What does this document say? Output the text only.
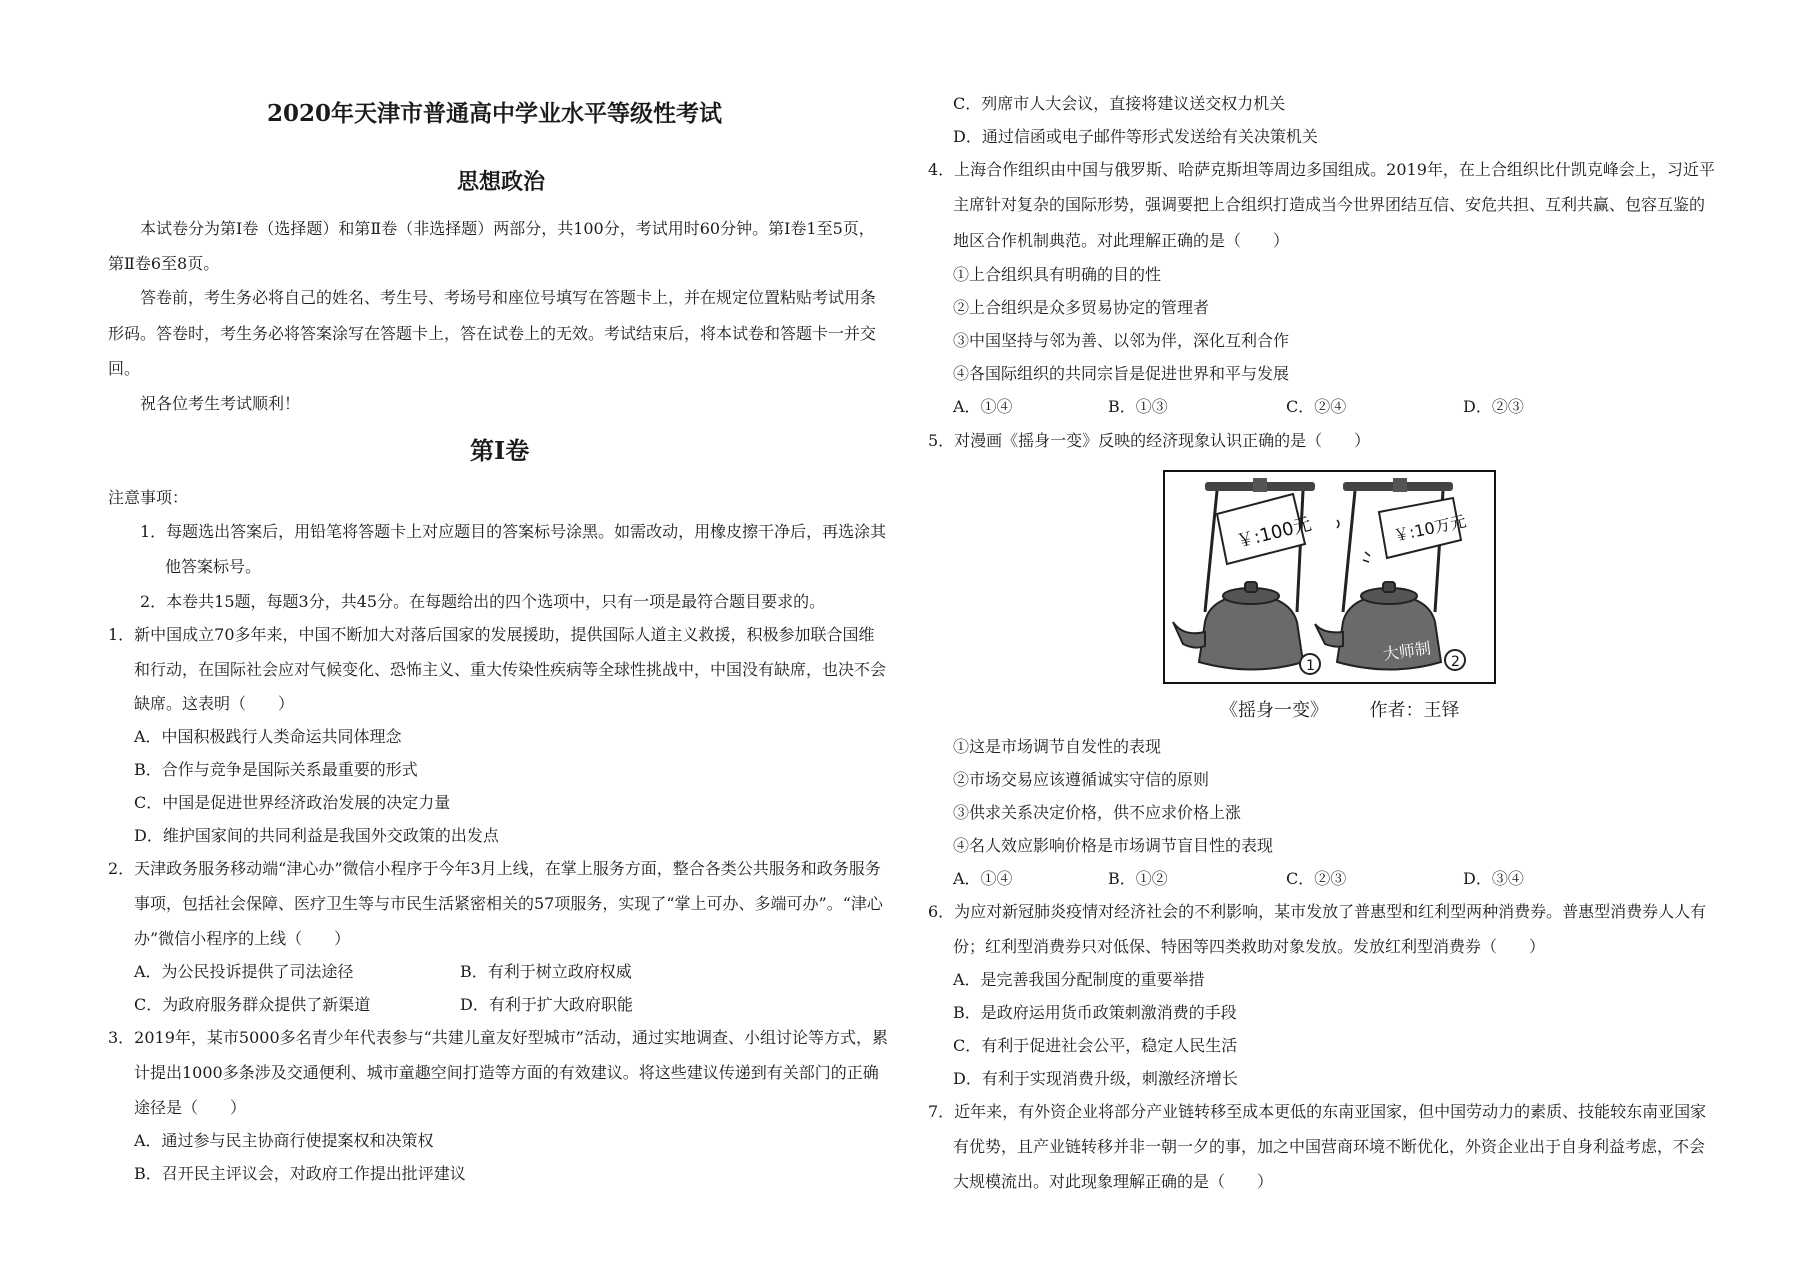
2020年天津市普通高中学业水平等级性考试
思想政治
本试卷分为第Ⅰ卷（选择题）和第Ⅱ卷（非选择题）两部分，共100分，考试用时60分钟。第Ⅰ卷1至5页，
第Ⅱ卷6至8页。
答卷前，考生务必将自己的姓名、考生号、考场号和座位号填写在答题卡上，并在规定位置粘贴考试用条
形码。答卷时，考生务必将答案涂写在答题卡上，答在试卷上的无效。考试结束后，将本试卷和答题卡一并交
回。
祝各位考生考试顺利！
第Ⅰ卷
注意事项：
1．每题选出答案后，用铅笔将答题卡上对应题目的答案标号涂黑。如需改动，用橡皮擦干净后，再选涂其
他答案标号。
2．本卷共15题，每题3分，共45分。在每题给出的四个选项中，只有一项是最符合题目要求的。
1．新中国成立70多年来，中国不断加大对落后国家的发展援助，提供国际人道主义救援，积极参加联合国维
和行动，在国际社会应对气候变化、恐怖主义、重大传染性疾病等全球性挑战中，中国没有缺席，也决不会
缺席。这表明（　　）
A．中国积极践行人类命运共同体理念
B．合作与竞争是国际关系最重要的形式
C．中国是促进世界经济政治发展的决定力量
D．维护国家间的共同利益是我国外交政策的出发点
2．天津政务服务移动端“津心办”微信小程序于今年3月上线，在掌上服务方面，整合各类公共服务和政务服务
事项，包括社会保障、医疗卫生等与市民生活紧密相关的57项服务，实现了“掌上可办、多端可办”。“津心
办”微信小程序的上线（　　）
A．为公民投诉提供了司法途径	B．有利于树立政府权威
C．为政府服务群众提供了新渠道	D．有利于扩大政府职能
3．2019年，某市5000多名青少年代表参与“共建儿童友好型城市”活动，通过实地调查、小组讨论等方式，累
计提出1000多条涉及交通便利、城市童趣空间打造等方面的有效建议。将这些建议传递到有关部门的正确
途径是（　　）
A．通过参与民主协商行使提案权和决策权
B．召开民主评议会，对政府工作提出批评建议
C．列席市人大会议，直接将建议送交权力机关
D．通过信函或电子邮件等形式发送给有关决策机关
4．上海合作组织由中国与俄罗斯、哈萨克斯坦等周边多国组成。2019年，在上合组织比什凯克峰会上，习近平
主席针对复杂的国际形势，强调要把上合组织打造成当今世界团结互信、安危共担、互利共赢、包容互鉴的
地区合作机制典范。对此理解正确的是（　　）
①上合组织具有明确的目的性
②上合组织是众多贸易协定的管理者
③中国坚持与邻为善、以邻为伴，深化互利合作
④各国际组织的共同宗旨是促进世界和平与发展
A．①④	B．①③	C．②④	D．②③
5．对漫画《摇身一变》反映的经济现象认识正确的是（　　）
￥:100元
1
￥:10万元
大师制 2
《摇身一变》 作者：王铎
①这是市场调节自发性的表现
②市场交易应该遵循诚实守信的原则
③供求关系决定价格，供不应求价格上涨
④名人效应影响价格是市场调节盲目性的表现
A．①④	B．①②	C．②③	D．③④
6．为应对新冠肺炎疫情对经济社会的不利影响，某市发放了普惠型和红利型两种消费券。普惠型消费券人人有
份；红利型消费券只对低保、特困等四类救助对象发放。发放红利型消费券（　　）
A．是完善我国分配制度的重要举措
B．是政府运用货币政策刺激消费的手段
C．有利于促进社会公平，稳定人民生活
D．有利于实现消费升级，刺激经济增长
7．近年来，有外资企业将部分产业链转移至成本更低的东南亚国家，但中国劳动力的素质、技能较东南亚国家
有优势，且产业链转移并非一朝一夕的事，加之中国营商环境不断优化，外资企业出于自身利益考虑，不会
大规模流出。对此现象理解正确的是（　　）
